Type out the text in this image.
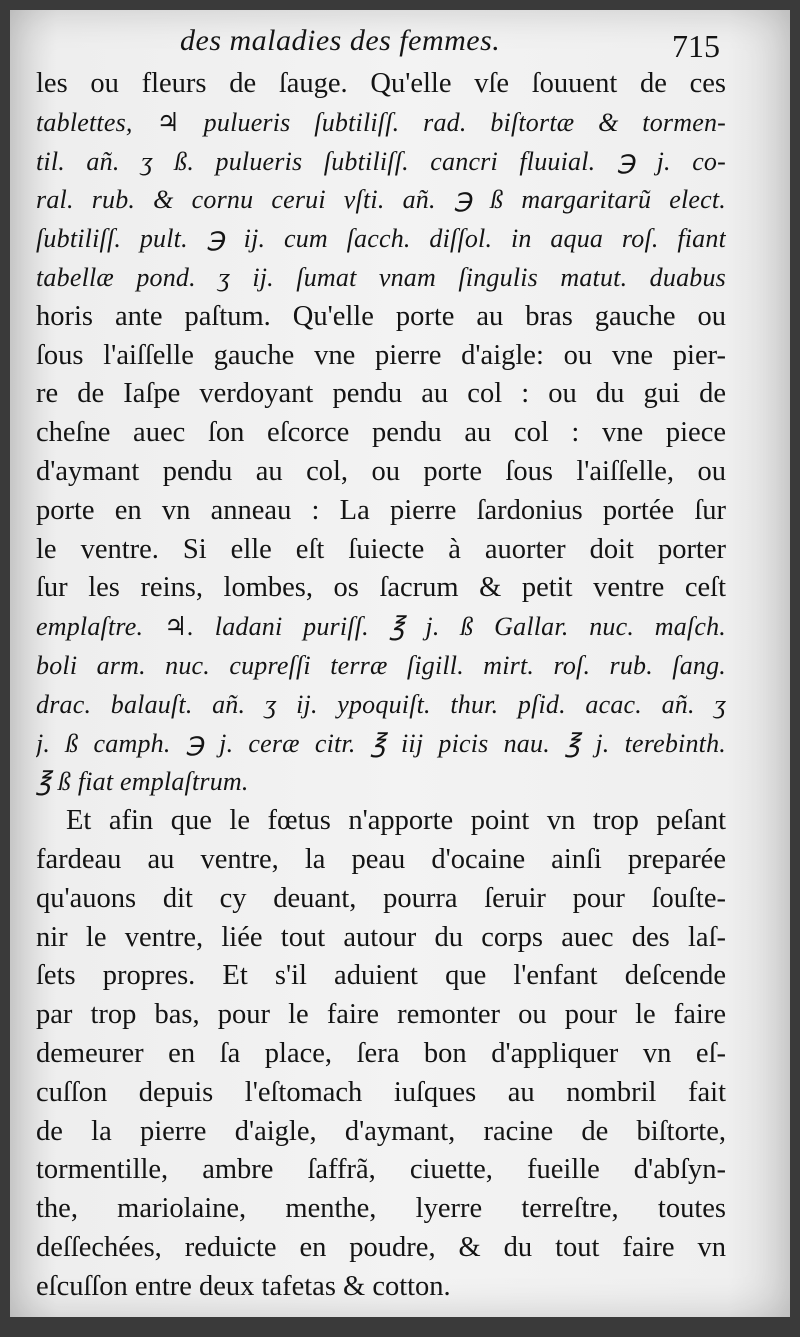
des maladies des femmes.	715
les ou fleurs de ſauge. Qu'elle vſe ſouuent de ces
tablettes, ♃ pulueris ſubtiliſſ. rad. biſtortæ & tormen-
til. añ. ʒ ß. pulueris ſubtiliſſ. cancri fluuial. ℈ j. co-
ral. rub. & cornu cerui vſti. añ. ℈ ß margaritarũ elect.
ſubtiliſſ. pult. ℈ ij. cum ſacch. diſſol. in aqua roſ. fiant
tabellæ pond. ʒ ij. ſumat vnam ſingulis matut. duabus
horis ante paſtum. Qu'elle porte au bras gauche ou
ſous l'aiſſelle gauche vne pierre d'aigle: ou vne pier-
re de Iaſpe verdoyant pendu au col : ou du gui de
cheſne auec ſon eſcorce pendu au col : vne piece
d'aymant pendu au col, ou porte ſous l'aiſſelle, ou
porte en vn anneau : La pierre ſardonius portée ſur
le ventre. Si elle eſt ſuiecte à auorter doit porter
ſur les reins, lombes, os ſacrum & petit ventre ceſt
emplaſtre. ♃. ladani puriſſ. ℥ j. ß Gallar. nuc. maſch.
boli arm. nuc. cupreſſi terræ ſigill. mirt. roſ. rub. ſang.
drac. balauſt. añ. ʒ ij. ypoquiſt. thur. pſid. acac. añ. ʒ
j. ß camph. ℈ j. ceræ citr. ℥ iij picis nau. ℥ j. terebinth.
℥ ß fiat emplaſtrum.
Et afin que le fœtus n'apporte point vn trop peſant
fardeau au ventre, la peau d'ocaine ainſi preparée
qu'auons dit cy deuant, pourra ſeruir pour ſouſte-
nir le ventre, liée tout autour du corps auec des laſ-
ſets propres. Et s'il aduient que l'enfant deſcende
par trop bas, pour le faire remonter ou pour le faire
demeurer en ſa place, ſera bon d'appliquer vn eſ-
cuſſon depuis l'eſtomach iuſques au nombril fait
de la pierre d'aigle, d'aymant, racine de biſtorte,
tormentille, ambre ſaffrã, ciuette, fueille d'abſyn-
the, mariolaine, menthe, lyerre terreſtre, toutes
deſſechées, reduicte en poudre, & du tout faire vn
eſcuſſon entre deux tafetas & cotton.
